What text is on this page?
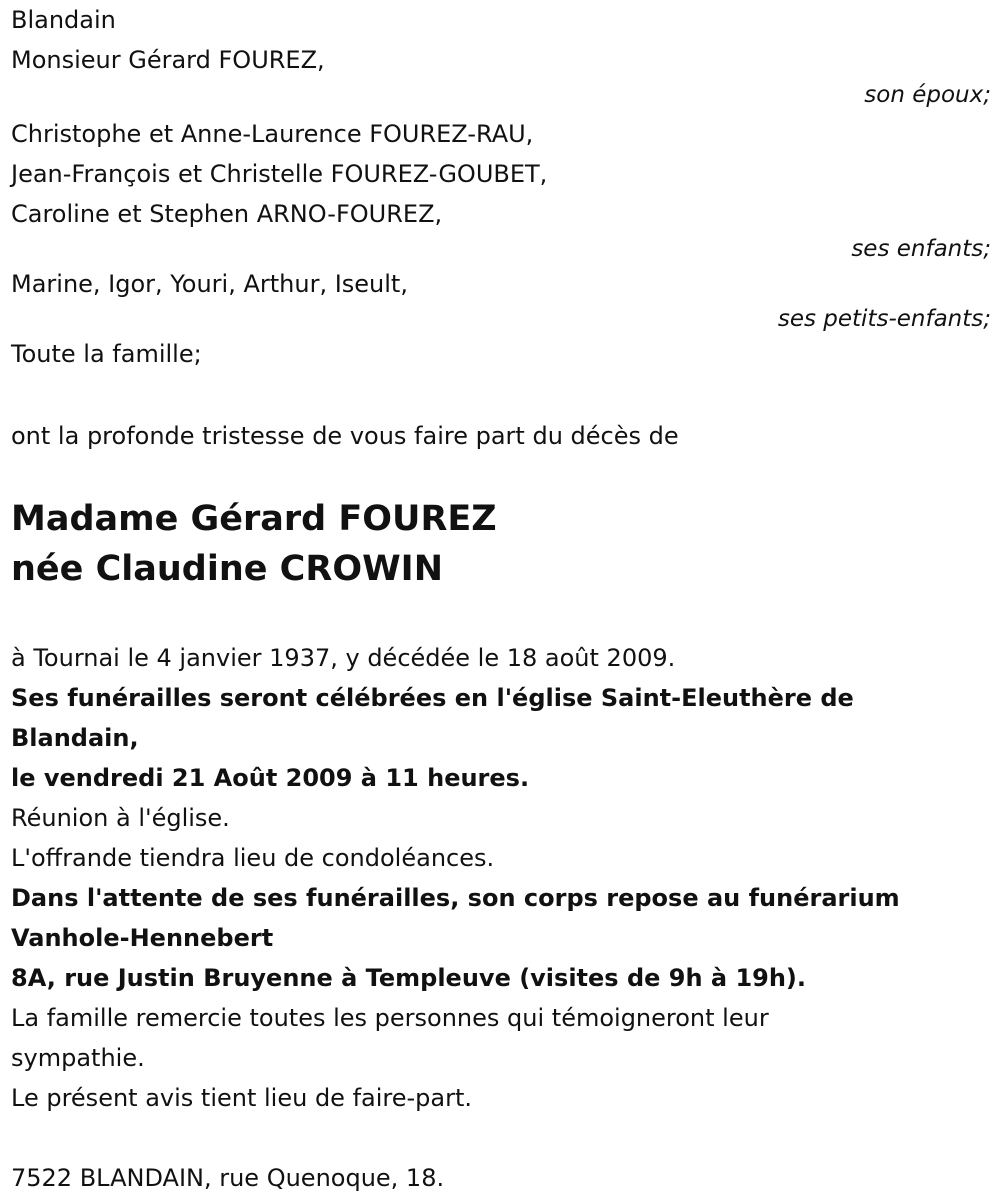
Blandain
Monsieur Gérard FOUREZ,
son époux;
Christophe et Anne-Laurence FOUREZ-RAU,
Jean-François et Christelle FOUREZ-GOUBET,
Caroline et Stephen ARNO-FOUREZ,
ses enfants;
Marine, Igor, Youri, Arthur, Iseult,
ses petits-enfants;
Toute la famille;
ont la profonde tristesse de vous faire part du décès de
Madame Gérard FOUREZ
née Claudine CROWIN
à Tournai le 4 janvier 1937, y décédée le 18 août 2009.
Ses funérailles seront célébrées en l'église Saint-Eleuthère de
Blandain,
le vendredi 21 Août 2009 à 11 heures.
Réunion à l'église.
L'offrande tiendra lieu de condoléances.
Dans l'attente de ses funérailles, son corps repose au funérarium
Vanhole-Hennebert
8A, rue Justin Bruyenne à Templeuve (visites de 9h à 19h).
La famille remercie toutes les personnes qui témoigneront leur
sympathie.
Le présent avis tient lieu de faire-part.
7522 BLANDAIN, rue Quenoque, 18.
